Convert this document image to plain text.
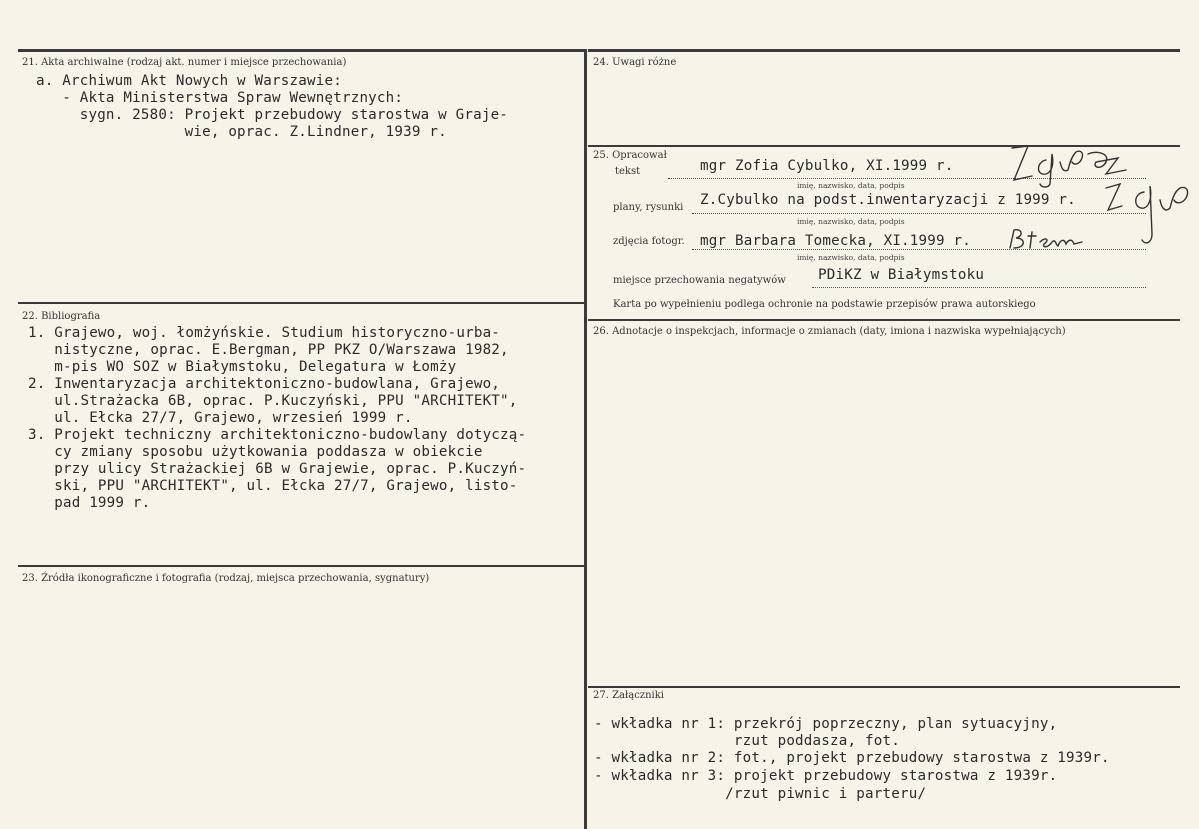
21. Akta archiwalne (rodzaj akt. numer i miejsce przechowania)
a. Archiwum Akt Nowych w Warszawie:
- Akta Ministerstwa Spraw Wewnętrznych:
sygn. 2580: Projekt przebudowy starostwa w Graje-
wie, oprac. Z.Lindner, 1939 r.
22. Bibliografia
1. Grajewo, woj. łomżyńskie. Studium historyczno-urba-
nistyczne, oprac. E.Bergman, PP PKZ O/Warszawa 1982,
m-pis WO SOZ w Białymstoku, Delegatura w Łomży
2. Inwentaryzacja architektoniczno-budowlana, Grajewo,
ul.Strażacka 6B, oprac. P.Kuczyński, PPU "ARCHITEKT",
ul. Ełcka 27/7, Grajewo, wrzesień 1999 r.
3. Projekt techniczny architektoniczno-budowlany dotyczą-
cy zmiany sposobu użytkowania poddasza w obiekcie
przy ulicy Strażackiej 6B w Grajewie, oprac. P.Kuczyń-
ski, PPU "ARCHITEKT", ul. Ełcka 27/7, Grajewo, listo-
pad 1999 r.
23. Źródła ikonograficzne i fotografia (rodzaj, miejsca przechowania, sygnatury)
24. Uwagi różne
25. Opracował
tekst	mgr Zofia Cybulko, XI.1999 r.
imię, nazwisko, data, podpis
plany, rysunki Z.Cybulko na podst.inwentaryzacji z 1999 r.
imię, nazwisko, data, podpis
zdjęcia fotogr. mgr Barbara Tomecka, XI.1999 r.
imię, nazwisko, data, podpis
miejsce przechowania negatywów PDiKZ w Białymstoku
Karta po wypełnieniu podlega ochronie na podstawie przepisów prawa autorskiego
26. Adnotacje o inspekcjach, informacje o zmianach (daty, imiona i nazwiska wypełniających)
27. Załączniki
- wkładka nr 1: przekrój poprzeczny, plan sytuacyjny,
rzut poddasza, fot.
- wkładka nr 2: fot., projekt przebudowy starostwa z 1939r.
- wkładka nr 3: projekt przebudowy starostwa z 1939r.
/rzut piwnic i parteru/
